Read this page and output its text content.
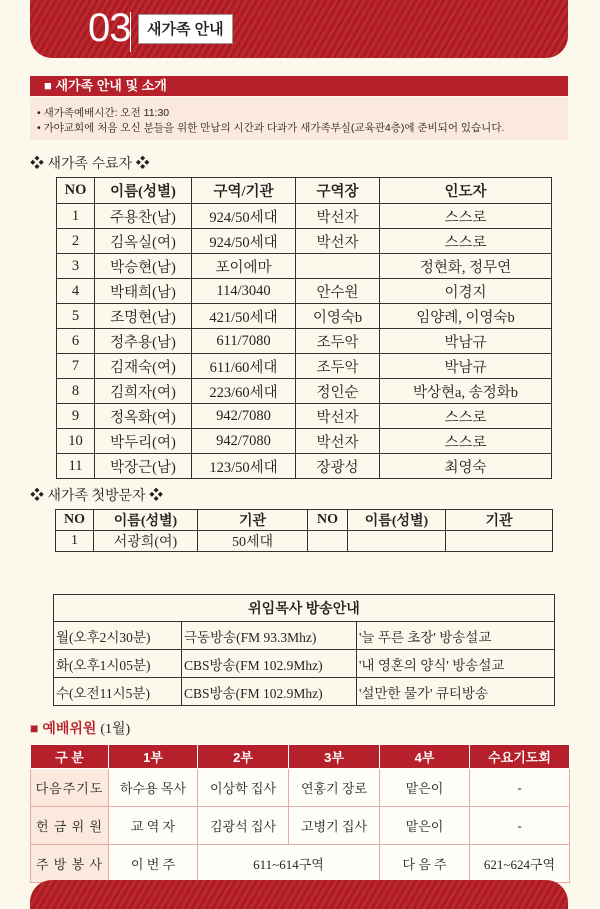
03	새가족 안내
■ 새가족 안내 및 소개
• 새가족예배시간: 오전 11:30
• 가야교회에 처음 오신 분들을 위한 만남의 시간과 다과가 새가족부실(교육관4층)에 준비되어 있습니다.
❖ 새가족 수료자 ❖
NO	이름(성별)	구역/기관	구역장	인도자
1	주용찬(남)	924/50세대	박선자	스스로
2	김옥실(여)	924/50세대	박선자	스스로
3	박승현(남)	포이에마		정현화, 정무연
4	박태희(남)	114/3040	안수원	이경지
5	조명현(남)	421/50세대	이영숙b	임양례, 이영숙b
6	정추용(남)	611/7080	조두악	박남규
7	김재숙(여)	611/60세대	조두악	박남규
8	김희자(여)	223/60세대	정인순	박상현a, 송정화b
9	정옥화(여)	942/7080	박선자	스스로
10	박두리(여)	942/7080	박선자	스스로
11	박장근(남)	123/50세대	장광성	최영숙
❖ 새가족 첫방문자 ❖
NO	이름(성별)	기관	NO	이름(성별)	기관
1	서광희(여)	50세대			
위임목사 방송안내		
월(오후2시30분)	극동방송(FM 93.3Mhz)	'늘 푸른 초장' 방송설교
화(오후1시05분)	CBS방송(FM 102.9Mhz)	'내 영혼의 양식' 방송설교
수(오전11시5분)	CBS방송(FM 102.9Mhz)	'설만한 물가' 큐티방송
■ 예배위원 (1월)
구 분	1부	2부	3부	4부	수요기도회
다음주기도	하수용 목사	이상학 집사	연홍기 장로	맡은이	-
헌 금 위 원	교 역 자	김광석 집사	고병기 집사	맡은이	-
주 방 봉 사	이 번 주	611~614구역		다 음 주	621~624구역
